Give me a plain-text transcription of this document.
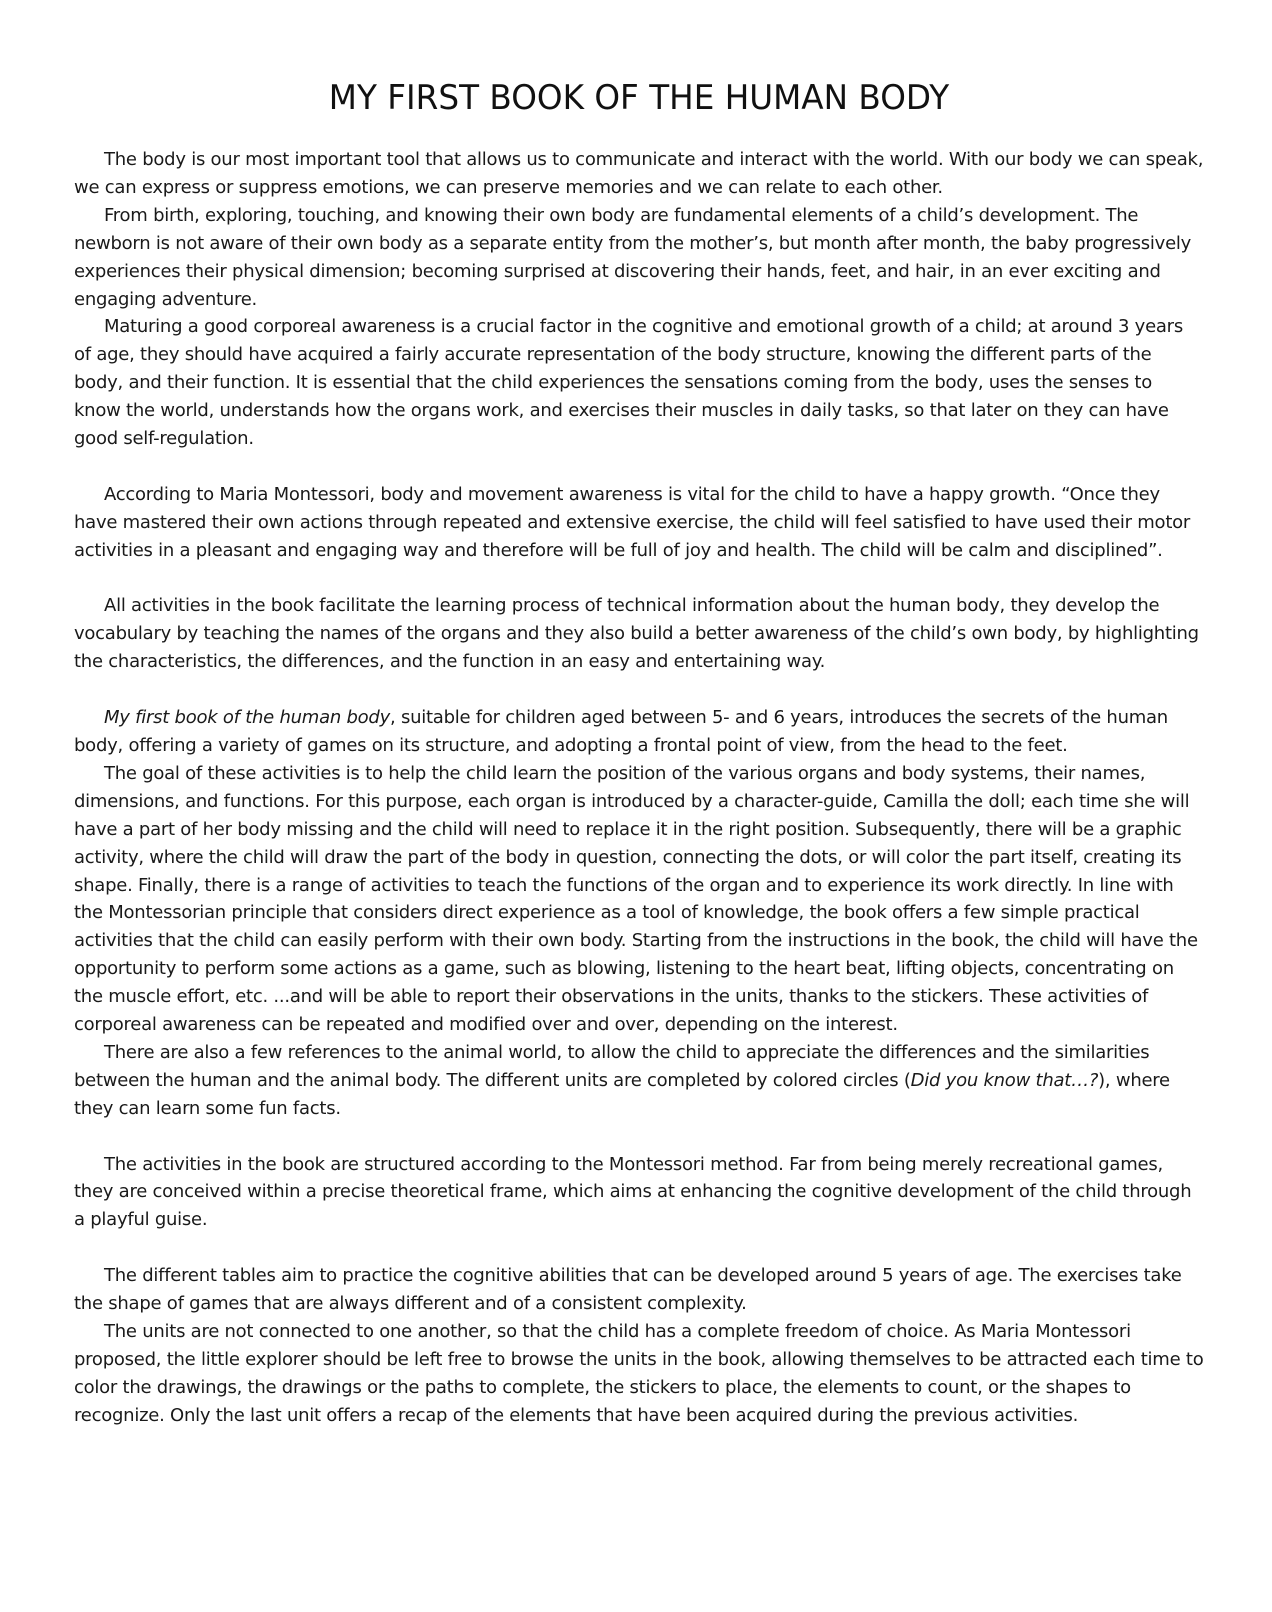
MY FIRST BOOK OF THE HUMAN BODY

The body is our most important tool that allows us to communicate and interact with the world. With our body we can speak, we can express or suppress emotions, we can preserve memories and we can relate to each other.

From birth, exploring, touching, and knowing their own body are fundamental elements of a child’s development. The newborn is not aware of their own body as a separate entity from the mother’s, but month after month, the baby progressively experiences their physical dimension; becoming surprised at discovering their hands, feet, and hair, in an ever exciting and engaging adventure.

Maturing a good corporeal awareness is a crucial factor in the cognitive and emotional growth of a child; at around 3 years of age, they should have acquired a fairly accurate representation of the body structure, knowing the different parts of the body, and their function. It is essential that the child experiences the sensations coming from the body, uses the senses to know the world, understands how the organs work, and exercises their muscles in daily tasks, so that later on they can have good self-regulation.

According to Maria Montessori, body and movement awareness is vital for the child to have a happy growth. “Once they have mastered their own actions through repeated and extensive exercise, the child will feel satisfied to have used their motor activities in a pleasant and engaging way and therefore will be full of joy and health. The child will be calm and disciplined”.

All activities in the book facilitate the learning process of technical information about the human body, they develop the vocabulary by teaching the names of the organs and they also build a better awareness of the child’s own body, by highlighting the characteristics, the differences, and the function in an easy and entertaining way.

My first book of the human body, suitable for children aged between 5- and 6 years, introduces the secrets of the human body, offering a variety of games on its structure, and adopting a frontal point of view, from the head to the feet.

The goal of these activities is to help the child learn the position of the various organs and body systems, their names, dimensions, and functions. For this purpose, each organ is introduced by a character-guide, Camilla the doll; each time she will have a part of her body missing and the child will need to replace it in the right position. Subsequently, there will be a graphic activity, where the child will draw the part of the body in question, connecting the dots, or will color the part itself, creating its shape. Finally, there is a range of activities to teach the functions of the organ and to experience its work directly. In line with the Montessorian principle that considers direct experience as a tool of knowledge, the book offers a few simple practical activities that the child can easily perform with their own body. Starting from the instructions in the book, the child will have the opportunity to perform some actions as a game, such as blowing, listening to the heart beat, lifting objects, concentrating on the muscle effort, etc. ...and will be able to report their observations in the units, thanks to the stickers. These activities of corporeal awareness can be repeated and modified over and over, depending on the interest.

There are also a few references to the animal world, to allow the child to appreciate the differences and the similarities between the human and the animal body. The different units are completed by colored circles (Did you know that…?), where they can learn some fun facts.

The activities in the book are structured according to the Montessori method. Far from being merely recreational games, they are conceived within a precise theoretical frame, which aims at enhancing the cognitive development of the child through a playful guise.

The different tables aim to practice the cognitive abilities that can be developed around 5 years of age. The exercises take the shape of games that are always different and of a consistent complexity.

The units are not connected to one another, so that the child has a complete freedom of choice. As Maria Montessori proposed, the little explorer should be left free to browse the units in the book, allowing themselves to be attracted each time to color the drawings, the drawings or the paths to complete, the stickers to place, the elements to count, or the shapes to recognize. Only the last unit offers a recap of the elements that have been acquired during the previous activities.
